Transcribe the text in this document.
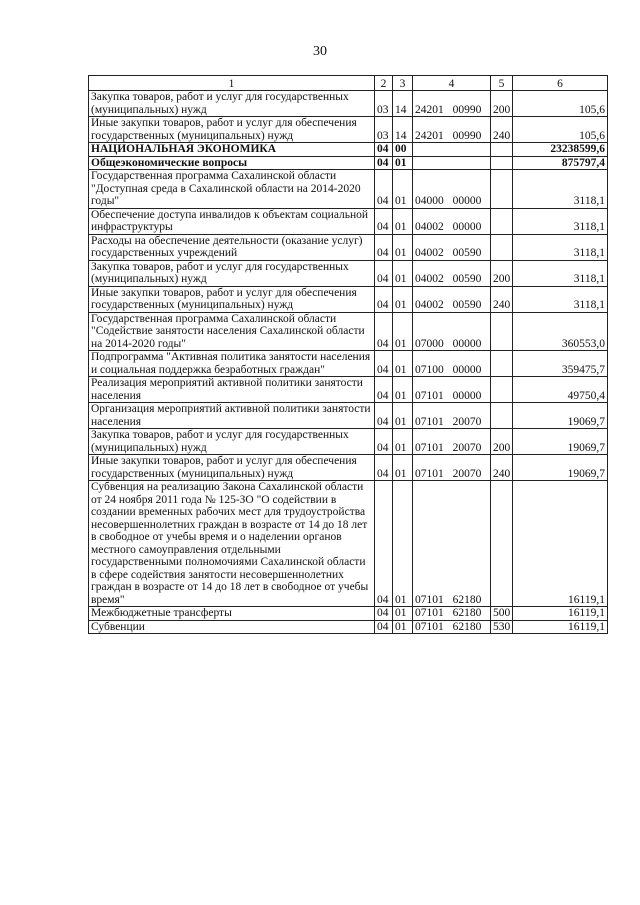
30
1	2	3	4	5	6
Закупка товаров, работ и услуг для государственных (муниципальных) нужд	03	14	24201 00990	200	105,6
Иные закупки товаров, работ и услуг для обеспечения государственных (муниципальных) нужд	03	14	24201 00990	240	105,6
НАЦИОНАЛЬНАЯ ЭКОНОМИКА	04	00			23238599,6
Общеэкономические вопросы	04	01			875797,4
Государственная программа Сахалинской области "Доступная среда в Сахалинской области на 2014-2020 годы"	04	01	04000 00000		3118,1
Обеспечение доступа инвалидов к объектам социальной инфраструктуры	04	01	04002 00000		3118,1
Расходы на обеспечение деятельности (оказание услуг) государственных учреждений	04	01	04002 00590		3118,1
Закупка товаров, работ и услуг для государственных (муниципальных) нужд	04	01	04002 00590	200	3118,1
Иные закупки товаров, работ и услуг для обеспечения государственных (муниципальных) нужд	04	01	04002 00590	240	3118,1
Государственная программа Сахалинской области "Содействие занятости населения Сахалинской области на 2014-2020 годы"	04	01	07000 00000		360553,0
Подпрограмма "Активная политика занятости населения и социальная поддержка безработных граждан"	04	01	07100 00000		359475,7
Реализация мероприятий активной политики занятости населения	04	01	07101 00000		49750,4
Организация мероприятий активной политики занятости населения	04	01	07101 20070		19069,7
Закупка товаров, работ и услуг для государственных (муниципальных) нужд	04	01	07101 20070	200	19069,7
Иные закупки товаров, работ и услуг для обеспечения государственных (муниципальных) нужд	04	01	07101 20070	240	19069,7
Субвенция на реализацию Закона Сахалинской области от 24 ноября 2011 года № 125-ЗО "О содействии в создании временных рабочих мест для трудоустройства несовершеннолетних граждан в возрасте от 14 до 18 лет в свободное от учебы время и о наделении органов местного самоуправления отдельными государственными полномочиями Сахалинской области в сфере содействия занятости несовершеннолетних граждан в возрасте от 14 до 18 лет в свободное от учебы время"	04	01	07101 62180		16119,1
Межбюджетные трансферты	04	01	07101 62180	500	16119,1
Субвенции	04	01	07101 62180	530	16119,1
